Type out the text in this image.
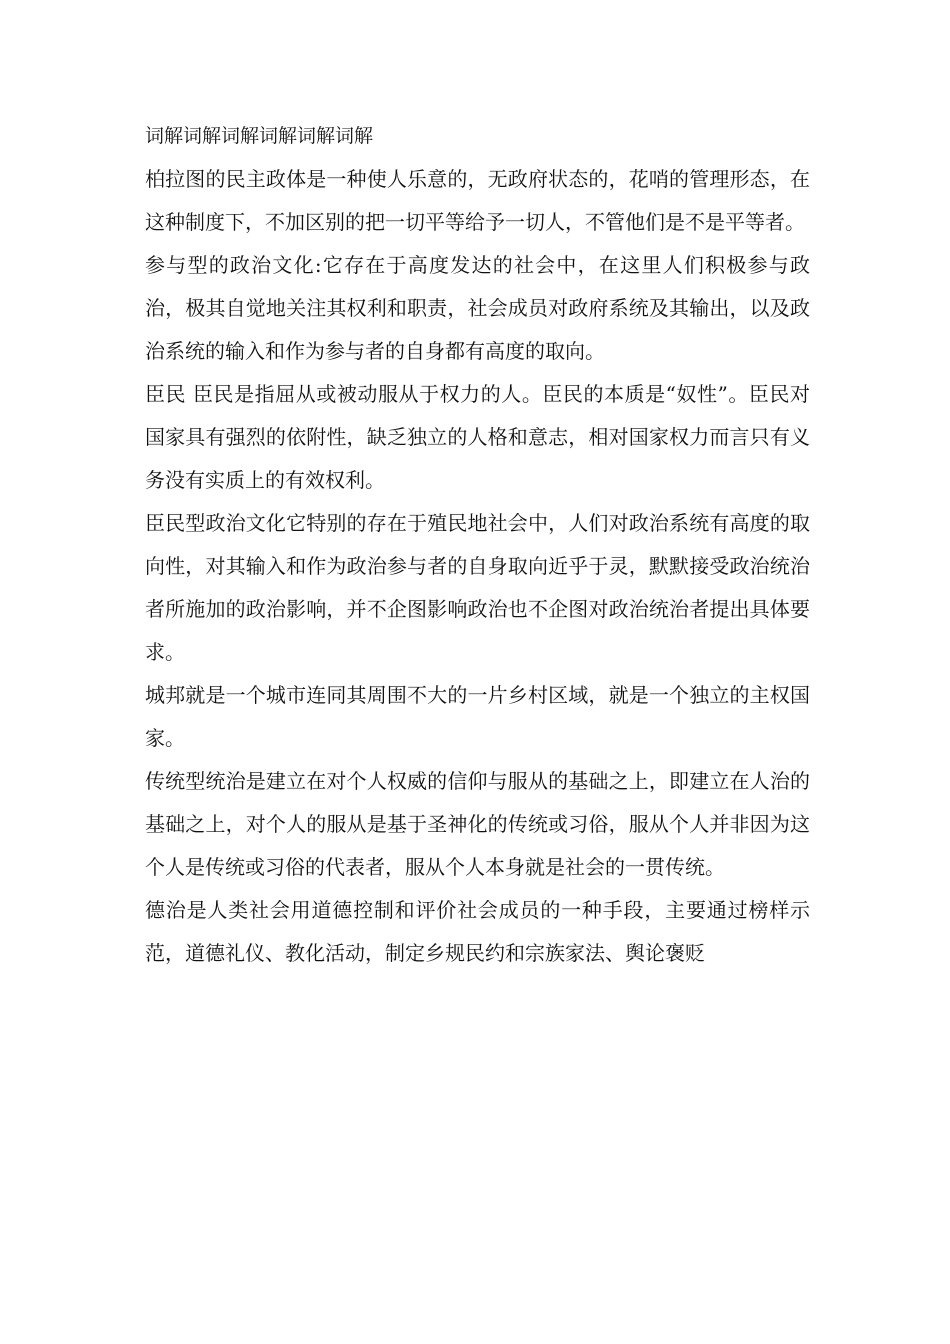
词解词解词解词解词解词解

柏拉图的民主政体是一种使人乐意的，无政府状态的，花哨的管理形态，在这种制度下，不加区别的把一切平等给予一切人，不管他们是不是平等者。

参与型的政治文化:它存在于高度发达的社会中，在这里人们积极参与政治，极其自觉地关注其权利和职责，社会成员对政府系统及其输出，以及政治系统的输入和作为参与者的自身都有高度的取向。

臣民 臣民是指屈从或被动服从于权力的人。臣民的本质是“奴性”。臣民对国家具有强烈的依附性，缺乏独立的人格和意志，相对国家权力而言只有义务没有实质上的有效权利。

臣民型政治文化它特别的存在于殖民地社会中，人们对政治系统有高度的取向性，对其输入和作为政治参与者的自身取向近乎于灵，默默接受政治统治者所施加的政治影响，并不企图影响政治也不企图对政治统治者提出具体要求。

城邦就是一个城市连同其周围不大的一片乡村区域，就是一个独立的主权国家。

传统型统治是建立在对个人权威的信仰与服从的基础之上，即建立在人治的基础之上，对个人的服从是基于圣神化的传统或习俗，服从个人并非因为这个人是传统或习俗的代表者，服从个人本身就是社会的一贯传统。

德治是人类社会用道德控制和评价社会成员的一种手段，主要通过榜样示范，道德礼仪、教化活动，制定乡规民约和宗族家法、舆论褒贬
